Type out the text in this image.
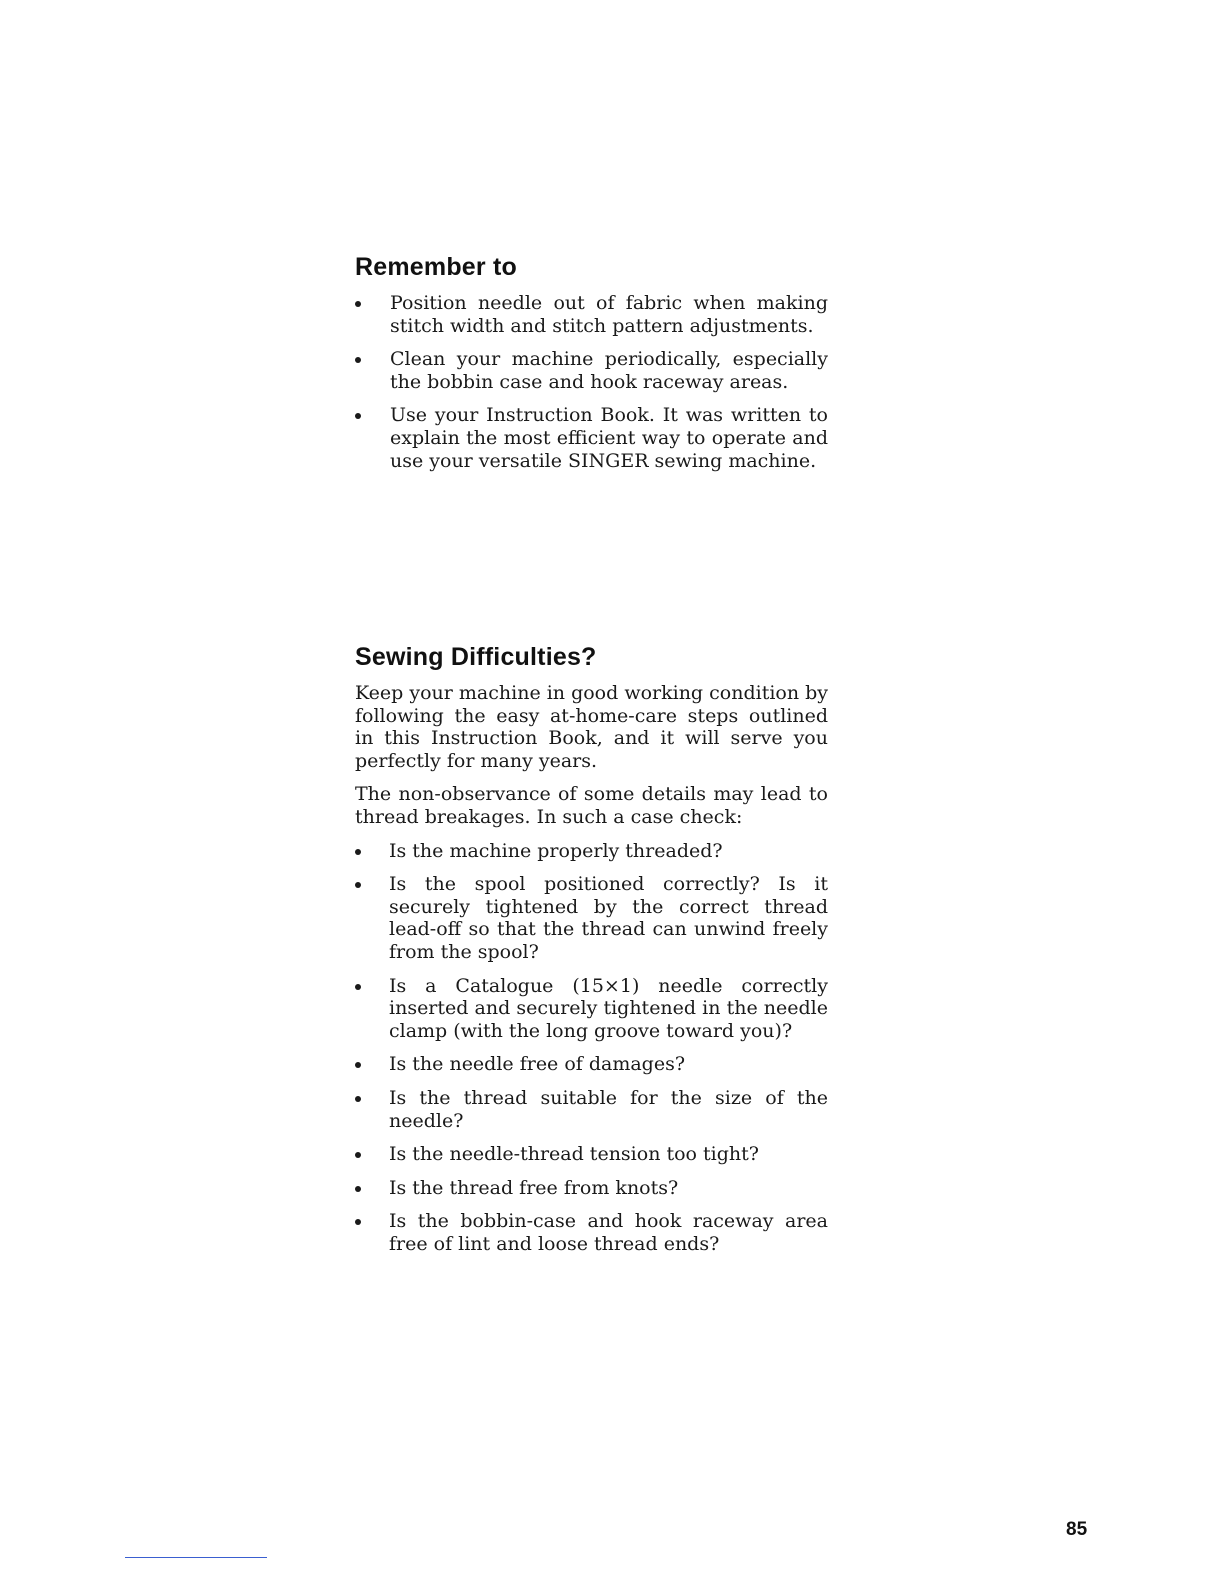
Remember to
Position needle out of fabric when making stitch width and stitch pattern adjustments.
Clean your machine periodically, especially the bobbin case and hook raceway areas.
Use your Instruction Book. It was written to explain the most efficient way to operate and use your versatile SINGER sewing machine.
Sewing Difficulties?

Keep your machine in good working condition by following the easy at-home-care steps outlined in this Instruction Book, and it will serve you perfectly for many years.

The non-observance of some details may lead to thread breakages. In such a case check:

Is the machine properly threaded?
Is the spool positioned correctly? Is it securely tightened by the correct thread lead-off so that the thread can unwind freely from the spool?
Is a Catalogue (15×1) needle correctly inserted and securely tightened in the needle clamp (with the long groove toward you)?
Is the needle free of damages?
Is the thread suitable for the size of the needle?
Is the needle-thread tension too tight?
Is the thread free from knots?
Is the bobbin-case and hook raceway area free of lint and loose thread ends?
85
